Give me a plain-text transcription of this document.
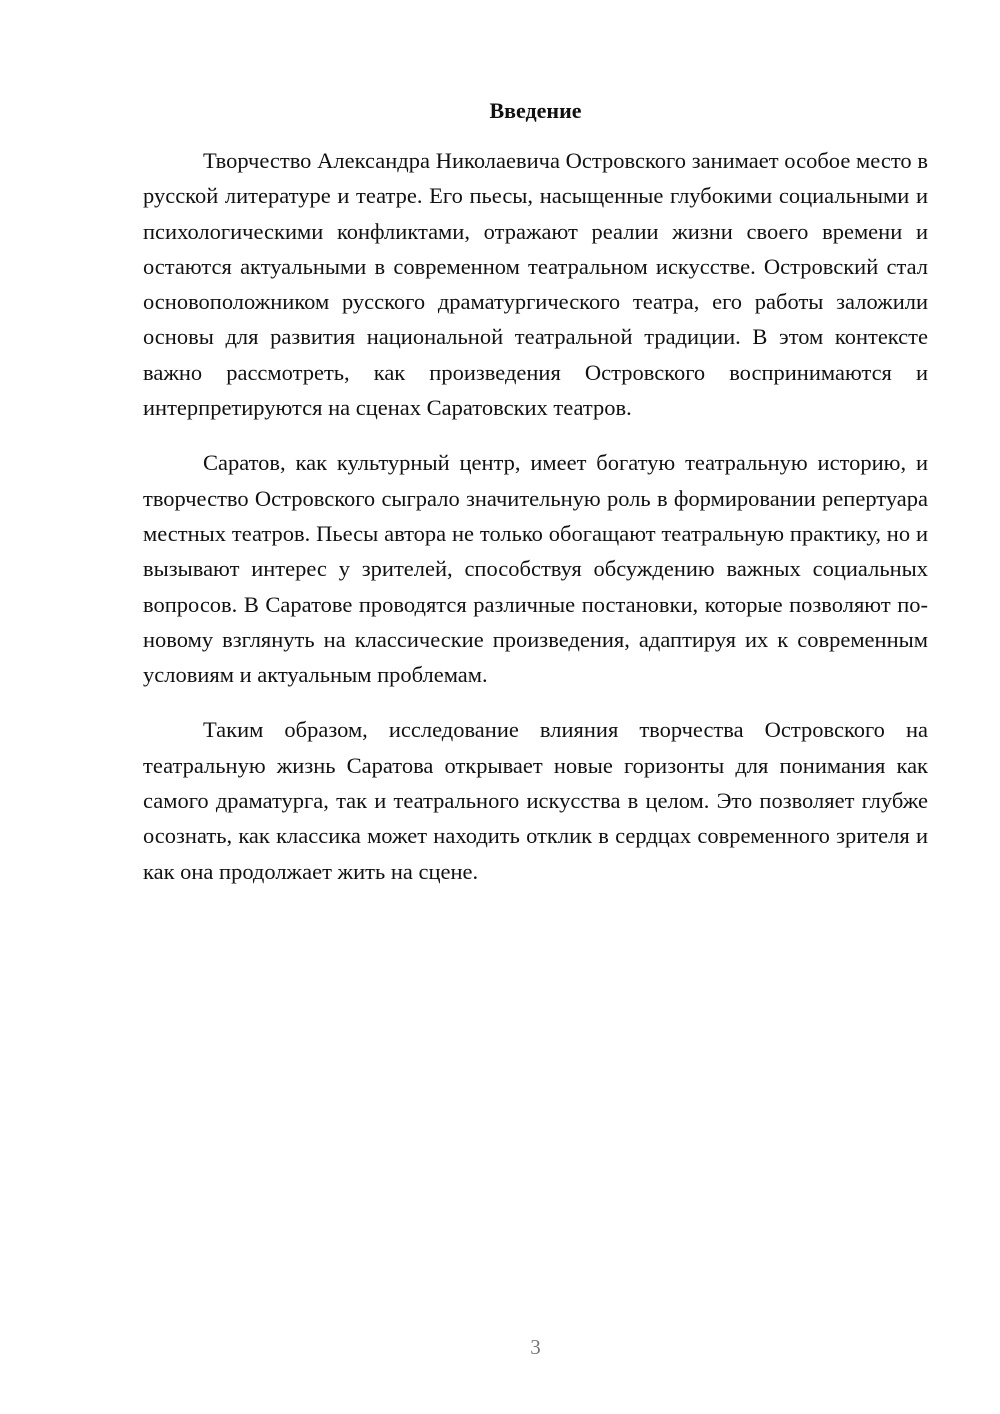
Введение

Творчество Александра Николаевича Островского занимает особое место в русской литературе и театре. Его пьесы, насыщенные глубокими социальными и психологическими конфликтами, отражают реалии жизни своего времени и остаются актуальными в современном театральном искусстве. Островский стал основоположником русского драматургического театра, его работы заложили основы для развития национальной театральной традиции. В этом контексте важно рассмотреть, как произведения Островского воспринимаются и интерпретируются на сценах Саратовских театров.

Саратов, как культурный центр, имеет богатую театральную историю, и творчество Островского сыграло значительную роль в формировании репертуара местных театров. Пьесы автора не только обогащают театральную практику, но и вызывают интерес у зрителей, способствуя обсуждению важных социальных вопросов. В Саратове проводятся различные постановки, которые позволяют по-новому взглянуть на классические произведения, адаптируя их к современным условиям и актуальным проблемам.

Таким образом, исследование влияния творчества Островского на театральную жизнь Саратова открывает новые горизонты для понимания как самого драматурга, так и театрального искусства в целом. Это позволяет глубже осознать, как классика может находить отклик в сердцах современного зрителя и как она продолжает жить на сцене.

3
